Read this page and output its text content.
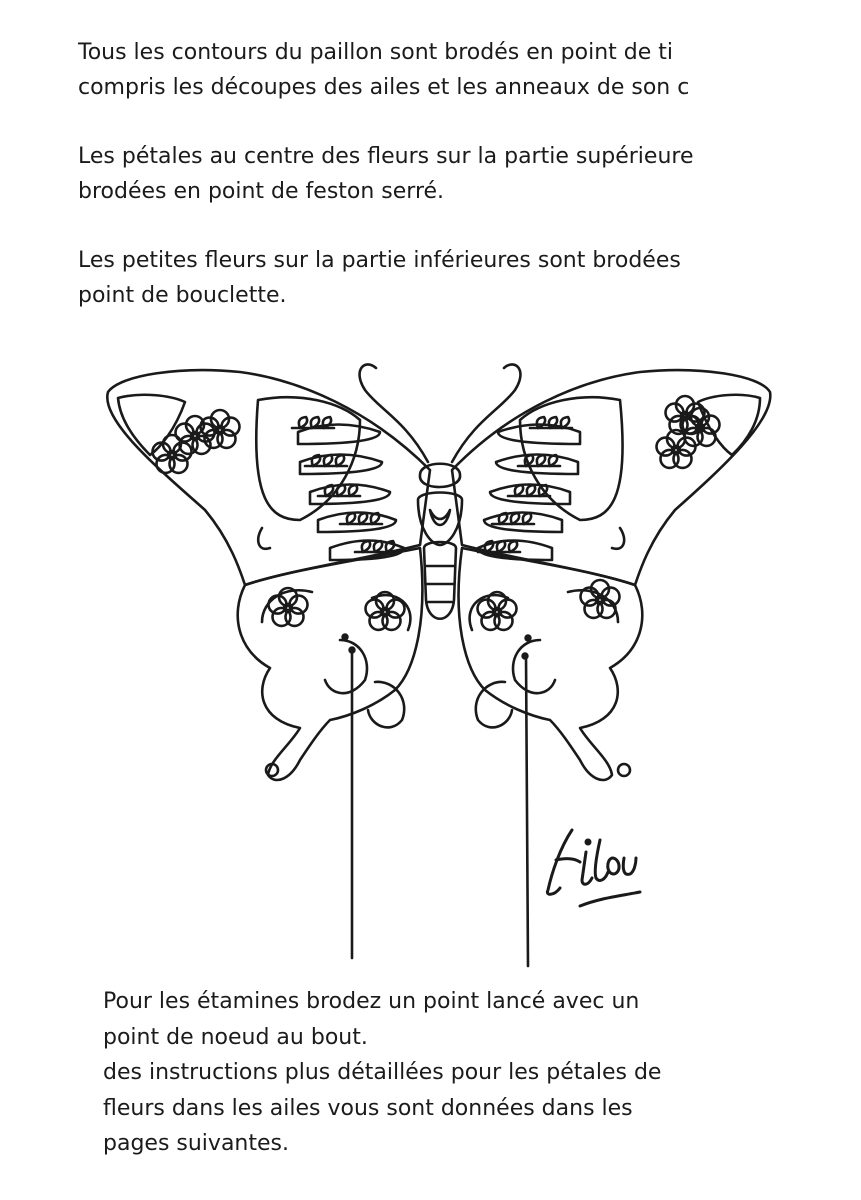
Tous les contours du paillon sont brodés en point de ti
compris les découpes des ailes et les anneaux de son c

Les pétales au centre des fleurs sur la partie supérieure
brodées en point de feston serré.

Les petites fleurs sur la partie inférieures sont brodées
point de bouclette.

Pour les étamines brodez un point lancé avec un
point de noeud au bout.
des instructions plus détaillées pour les pétales de
fleurs dans les ailes vous sont données dans les
pages suivantes.
